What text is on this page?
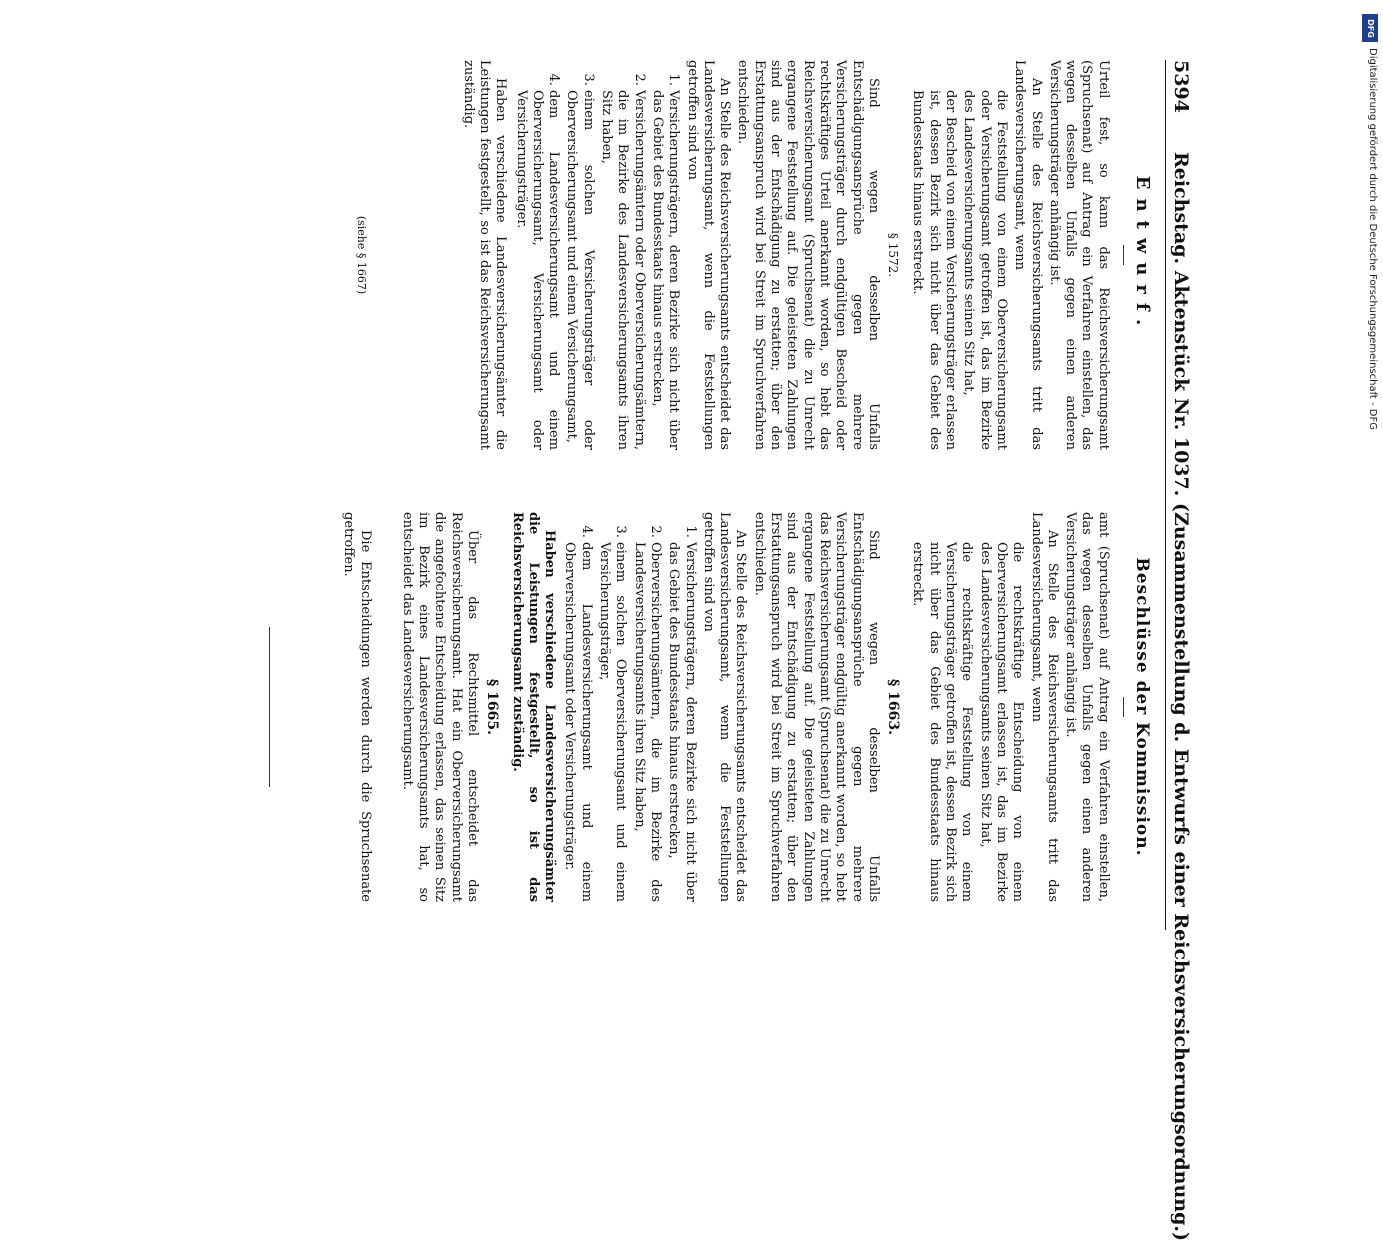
5394
Reichstag. Aktenstück Nr. 1037. (Zusammenstellung d. Entwurfs einer Reichsversicherungsordnung.)
Entwurf.

Urteil fest, so kann das Reichsversicherungsamt (Spruchsenat) auf Antrag ein Verfahren einstellen, das wegen desselben Unfalls gegen einen anderen Versicherungsträger anhängig ist.

An Stelle des Reichsversicherungsamts tritt das Landesversicherungsamt, wenn

die Feststellung von einem Oberversicherungsamt oder Versicherungsamt getroffen ist, das im Bezirke des Landesversicherungsamts seinen Sitz hat,

der Bescheid von einem Versicherungsträger erlassen ist, dessen Bezirk sich nicht über das Gebiet des Bundesstaats hinaus erstreckt.

§ 1572.

Sind wegen desselben Unfalls Entschädigungsansprüche gegen mehrere Versicherungsträger durch endgültigen Bescheid oder rechtskräftiges Urteil anerkannt worden, so hebt das Reichsversicherungsamt (Spruchsenat) die zu Unrecht ergangene Feststellung auf. Die geleisteten Zahlungen sind aus der Entschädigung zu erstatten; über den Erstattungsanspruch wird bei Streit im Spruchverfahren entschieden.

An Stelle des Reichsversicherungsamts entscheidet das Landesversicherungsamt, wenn die Feststellungen getroffen sind von

1. Versicherungsträgern, deren Bezirke sich nicht über das Gebiet des Bundesstaats hinaus erstrecken,
2. Versicherungsämtern oder Oberversicherungsämtern, die im Bezirke des Landesversicherungsamts ihren Sitz haben,
3. einem solchen Versicherungsträger oder Oberversicherungsamt und einem Versicherungsamt,
4. dem Landesversicherungsamt und einem Oberversicherungsamt, Versicherungsamt oder Versicherungsträger.

Haben verschiedene Landesversicherungsämter die Leistungen festgestellt, so ist das Reichsversicherungsamt zuständig.

(siehe § 1667)
Beschlüsse der Kommission.

amt (Spruchsenat) auf Antrag ein Verfahren einstellen, das wegen desselben Unfalls gegen einen anderen Versicherungsträger anhängig ist.

An Stelle des Reichsversicherungsamts tritt das Landesversicherungsamt, wenn

die rechtskräftige Entscheidung von einem Oberversicherungsamt erlassen ist, das im Bezirke des Landesversicherungsamts seinen Sitz hat,

die rechtskräftige Feststellung von einem Versicherungsträger getroffen ist, dessen Bezirk sich nicht über das Gebiet des Bundesstaats hinaus erstreckt.

§ 1663.

Sind wegen desselben Unfalls Entschädigungsansprüche gegen mehrere Versicherungsträger endgültig anerkannt worden, so hebt das Reichsversicherungsamt (Spruchsenat) die zu Unrecht ergangene Feststellung auf. Die geleisteten Zahlungen sind aus der Entschädigung zu erstatten; über den Erstattungsanspruch wird bei Streit im Spruchverfahren entschieden.

An Stelle des Reichsversicherungsamts entscheidet das Landesversicherungsamt, wenn die Feststellungen getroffen sind von

1. Versicherungsträgern, deren Bezirke sich nicht über das Gebiet des Bundesstaats hinaus erstrecken,
2. Oberversicherungsämtern, die im Bezirke des Landesversicherungsamts ihren Sitz haben,
3. einem solchen Oberversicherungsamt und einem Versicherungsträger,
4. dem Landesversicherungsamt und einem Oberversicherungsamt oder Versicherungsträger.

Haben verschiedene Landesversicherungsämter die Leistungen festgestellt, so ist das Reichsversicherungsamt zuständig.

§ 1665.

Über das Rechtsmittel entscheidet das Reichsversicherungsamt. Hat ein Oberversicherungsamt die angefochtene Entscheidung erlassen, das seinen Sitz im Bezirk eines Landesversicherungsamts hat, so entscheidet das Landesversicherungsamt.

Die Entscheidungen werden durch die Spruchsenate getroffen.

DFG
Digitalisierung gefördert durch die Deutsche Forschungsgemeinschaft - DFG
